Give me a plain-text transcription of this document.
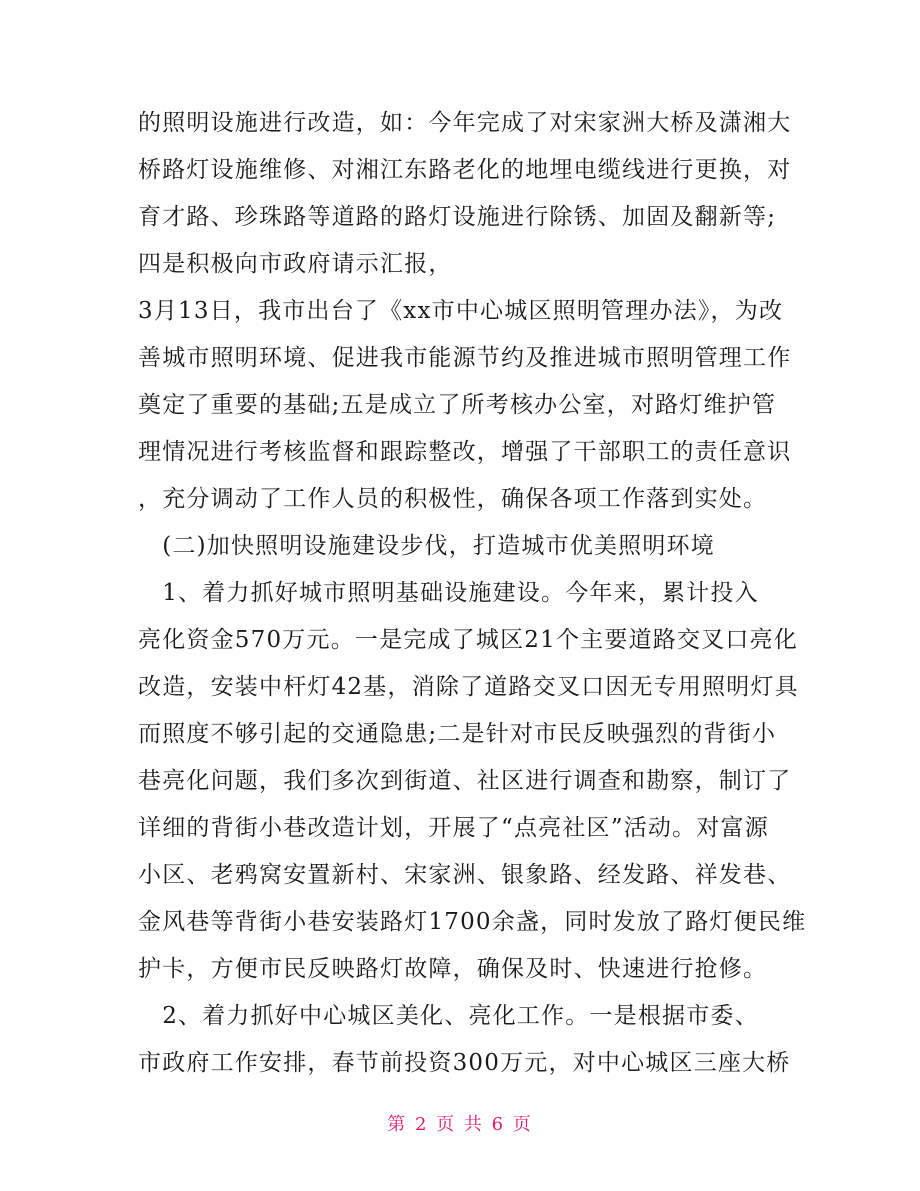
的照明设施进行改造，如：今年完成了对宋家洲大桥及潇湘大
桥路灯设施维修、对湘江东路老化的地埋电缆线进行更换，对
育才路、珍珠路等道路的路灯设施进行除锈、加固及翻新等;
四是积极向市政府请示汇报，
3月13日，我市出台了《xx市中心城区照明管理办法》，为改
善城市照明环境、促进我市能源节约及推进城市照明管理工作
奠定了重要的基础;五是成立了所考核办公室，对路灯维护管
理情况进行考核监督和跟踪整改，增强了干部职工的责任意识
，充分调动了工作人员的积极性，确保各项工作落到实处。
　(二)加快照明设施建设步伐，打造城市优美照明环境
　1、着力抓好城市照明基础设施建设。今年来，累计投入
亮化资金570万元。一是完成了城区21个主要道路交叉口亮化
改造，安装中杆灯42基，消除了道路交叉口因无专用照明灯具
而照度不够引起的交通隐患;二是针对市民反映强烈的背街小
巷亮化问题，我们多次到街道、社区进行调查和勘察，制订了
详细的背街小巷改造计划，开展了“点亮社区”活动。对富源
小区、老鸦窝安置新村、宋家洲、银象路、经发路、祥发巷、
金风巷等背街小巷安装路灯1700余盏，同时发放了路灯便民维
护卡，方便市民反映路灯故障，确保及时、快速进行抢修。
　2、着力抓好中心城区美化、亮化工作。一是根据市委、
市政府工作安排，春节前投资300万元，对中心城区三座大桥
第 2 页 共 6 页
